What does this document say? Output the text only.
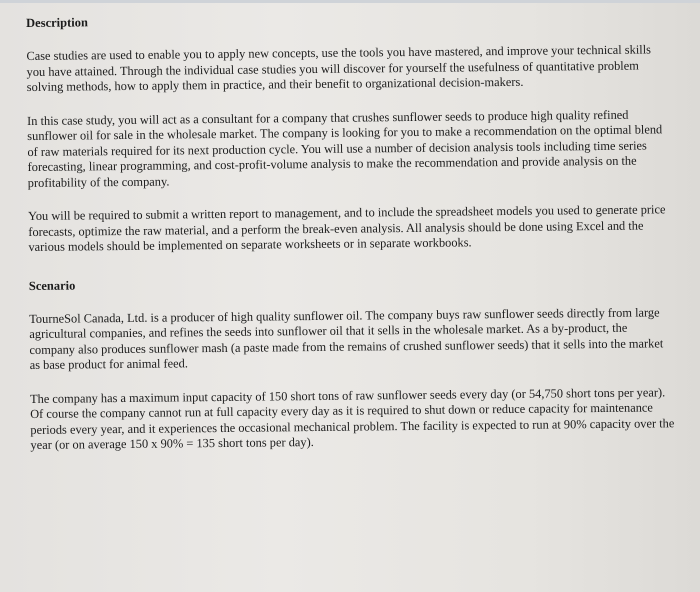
Description

Case studies are used to enable you to apply new concepts, use the tools you have mastered, and improve your technical skills you have attained. Through the individual case studies you will discover for yourself the usefulness of quantitative problem solving methods, how to apply them in practice, and their benefit to organizational decision-makers.

In this case study, you will act as a consultant for a company that crushes sunflower seeds to produce high quality refined sunflower oil for sale in the wholesale market. The company is looking for you to make a recommendation on the optimal blend of raw materials required for its next production cycle. You will use a number of decision analysis tools including time series forecasting, linear programming, and cost-profit-volume analysis to make the recommendation and provide analysis on the profitability of the company.

You will be required to submit a written report to management, and to include the spreadsheet models you used to generate price forecasts, optimize the raw material, and a perform the break-even analysis. All analysis should be done using Excel and the various models should be implemented on separate worksheets or in separate workbooks.

Scenario

TourneSol Canada, Ltd. is a producer of high quality sunflower oil. The company buys raw sunflower seeds directly from large agricultural companies, and refines the seeds into sunflower oil that it sells in the wholesale market. As a by-product, the company also produces sunflower mash (a paste made from the remains of crushed sunflower seeds) that it sells into the market as base product for animal feed.

The company has a maximum input capacity of 150 short tons of raw sunflower seeds every day (or 54,750 short tons per year). Of course the company cannot run at full capacity every day as it is required to shut down or reduce capacity for maintenance periods every year, and it experiences the occasional mechanical problem. The facility is expected to run at 90% capacity over the year (or on average 150 x 90% = 135 short tons per day).
